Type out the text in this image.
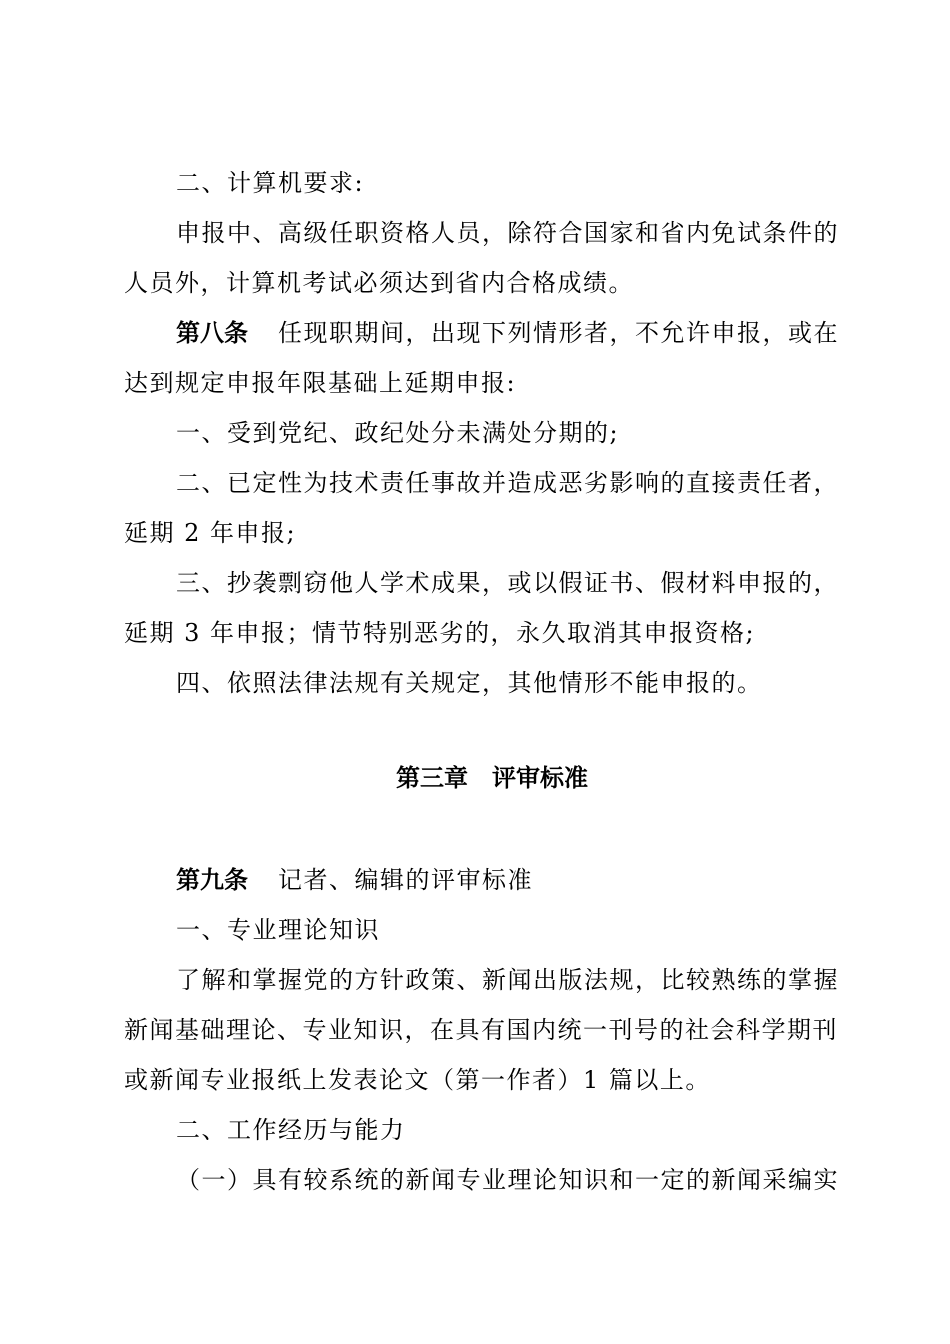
二、计算机要求:
申报中、高级任职资格人员，除符合国家和省内免试条件的
人员外，计算机考试必须达到省内合格成绩。
第八条 任现职期间，出现下列情形者，不允许申报，或在
达到规定申报年限基础上延期申报:
一、受到党纪、政纪处分未满处分期的;
二、已定性为技术责任事故并造成恶劣影响的直接责任者，
延期 2 年申报;
三、抄袭剽窃他人学术成果，或以假证书、假材料申报的，
延期 3 年申报；情节特别恶劣的，永久取消其申报资格;
四、依照法律法规有关规定，其他情形不能申报的。
第三章　评审标准
第九条 记者、编辑的评审标准
一、专业理论知识
了解和掌握党的方针政策、新闻出版法规，比较熟练的掌握
新闻基础理论、专业知识，在具有国内统一刊号的社会科学期刊
或新闻专业报纸上发表论文（第一作者）1 篇以上。
二、工作经历与能力
（一）具有较系统的新闻专业理论知识和一定的新闻采编实
